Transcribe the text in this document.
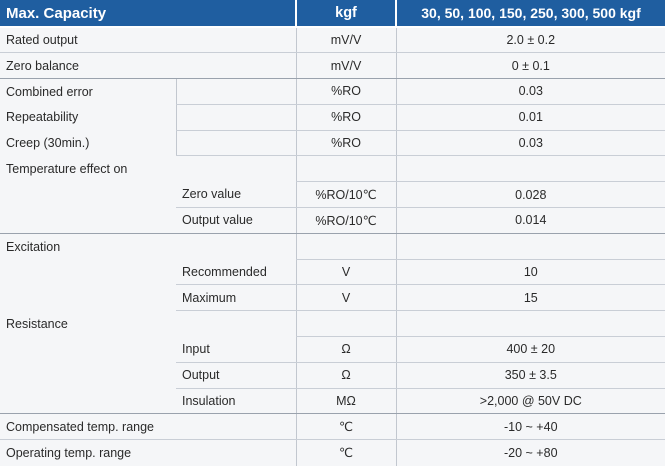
Max. Capacity		kgf	30, 50, 100, 150, 250, 300, 500 kgf
Rated output		mV/V	2.0 ± 0.2
Zero balance		mV/V	0 ± 0.1
Combined error		%RO	0.03
Repeatability		%RO	0.01
Creep (30min.)		%RO	0.03
Temperature effect on			
	Zero value	%RO/10℃	0.028
	Output value	%RO/10℃	0.014
Excitation			
	Recommended	V	10
	Maximum	V	15
Resistance			
	Input	Ω	400 ± 20
	Output	Ω	350 ± 3.5
	Insulation	MΩ	>2,000 @ 50V DC
Compensated temp. range		℃	-10 ~ +40
Operating temp. range		℃	-20 ~ +80
